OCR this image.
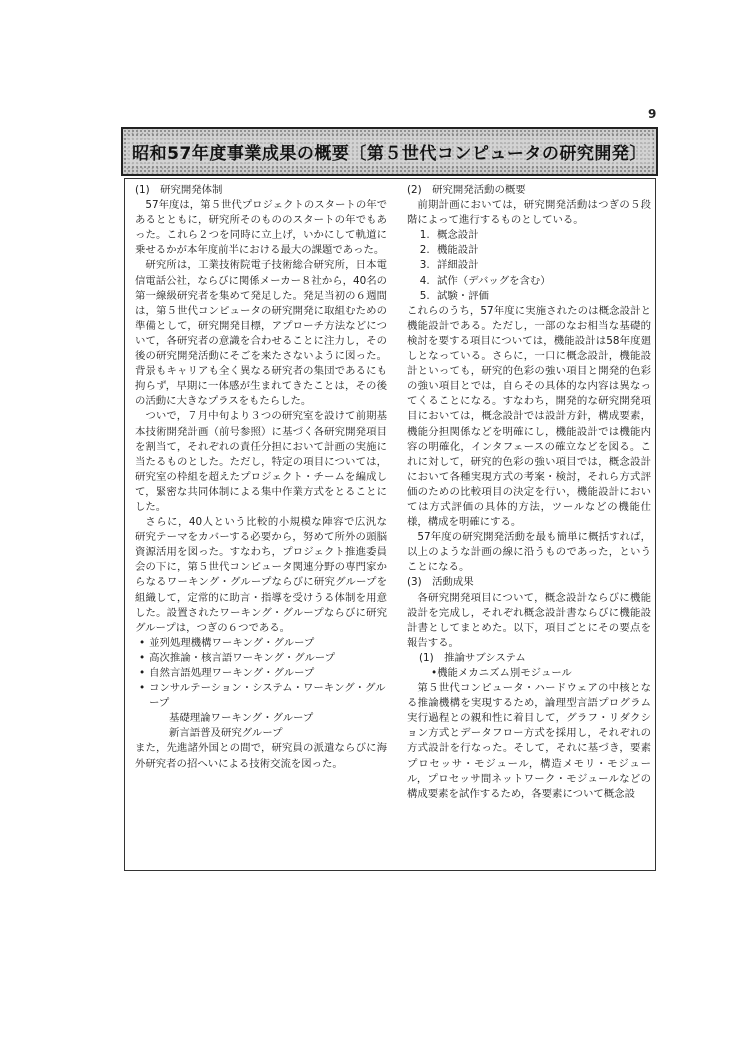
9
昭和57年度事業成果の概要〔第５世代コンピュータの研究開発〕
(1)　研究開発体制

57年度は，第５世代プロジェクトのスタートの年であるとともに，研究所そのもののスタートの年でもあった。これら２つを同時に立上げ，いかにして軌道に乗せるかが本年度前半における最大の課題であった。

研究所は，工業技術院電子技術総合研究所，日本電信電話公社，ならびに関係メーカー８社から，40名の第一線級研究者を集めて発足した。発足当初の６週間は，第５世代コンピュータの研究開発に取組むための準備として，研究開発目標，アプローチ方法などについて，各研究者の意識を合わせることに注力し，その後の研究開発活動にそごを来たさないように図った。背景もキャリアも全く異なる研究者の集団であるにも拘らず，早期に一体感が生まれてきたことは，その後の活動に大きなプラスをもたらした。

ついで，７月中旬より３つの研究室を設けて前期基本技術開発計画（前号参照）に基づく各研究開発項目を割当て，それぞれの責任分担において計画の実施に当たるものとした。ただし，特定の項目については，研究室の枠組を超えたプロジェクト・チームを編成して，緊密な共同体制による集中作業方式をとることにした。

さらに，40人という比較的小規模な陣容で広汎な研究テーマをカバーする必要から，努めて所外の頭脳資源活用を図った。すなわち，プロジェクト推進委員会の下に，第５世代コンピュータ関連分野の専門家からなるワーキング・グループならびに研究グループを組織して，定常的に助言・指導を受けうる体制を用意した。設置されたワーキング・グループならびに研究グループは，つぎの６つである。

• 並列処理機構ワーキング・グループ
• 高次推論・核言語ワーキング・グループ
• 自然言語処理ワーキング・グループ
• コンサルテーション・システム・ワーキング・グループ
基礎理論ワーキング・グループ
新言語普及研究グループ

また，先進諸外国との間で，研究員の派遣ならびに海外研究者の招へいによる技術交流を図った。

(2)　研究開発活動の概要

前期計画においては，研究開発活動はつぎの５段階によって進行するものとしている。

1. 概念設計
2. 機能設計
3. 詳細設計
4. 試作（デバッグを含む）
5. 試験・評価

これらのうち，57年度に実施されたのは概念設計と機能設計である。ただし，一部のなお相当な基礎的検討を要する項目については，機能設計は58年度廻しとなっている。さらに，一口に概念設計，機能設計といっても，研究的色彩の強い項目と開発的色彩の強い項目とでは，自らその具体的な内容は異なってくることになる。すなわち，開発的な研究開発項目においては，概念設計では設計方針，構成要素，機能分担関係などを明確にし，機能設計では機能内容の明確化，インタフェースの確立などを図る。これに対して，研究的色彩の強い項目では，概念設計において各種実現方式の考案・検討，それら方式評価のための比較項目の決定を行い，機能設計においては方式評価の具体的方法，ツールなどの機能仕様，構成を明確にする。

57年度の研究開発活動を最も簡単に概括すれば，以上のような計画の線に沿うものであった，ということになる。

(3)　活動成果

各研究開発項目について，概念設計ならびに機能設計を完成し，それぞれ概念設計書ならびに機能設計書としてまとめた。以下，項目ごとにその要点を報告する。

(1)　推論サブシステム
•機能メカニズム別モジュール

第５世代コンピュータ・ハードウェアの中核となる推論機構を実現するため，論理型言語プログラム実行過程との親和性に着目して，グラフ・リダクション方式とデータフロー方式を採用し，それぞれの方式設計を行なった。そして，それに基づき，要素プロセッサ・モジュール，構造メモリ・モジュール，プロセッサ間ネットワーク・モジュールなどの構成要素を試作するため，各要素について概念設
